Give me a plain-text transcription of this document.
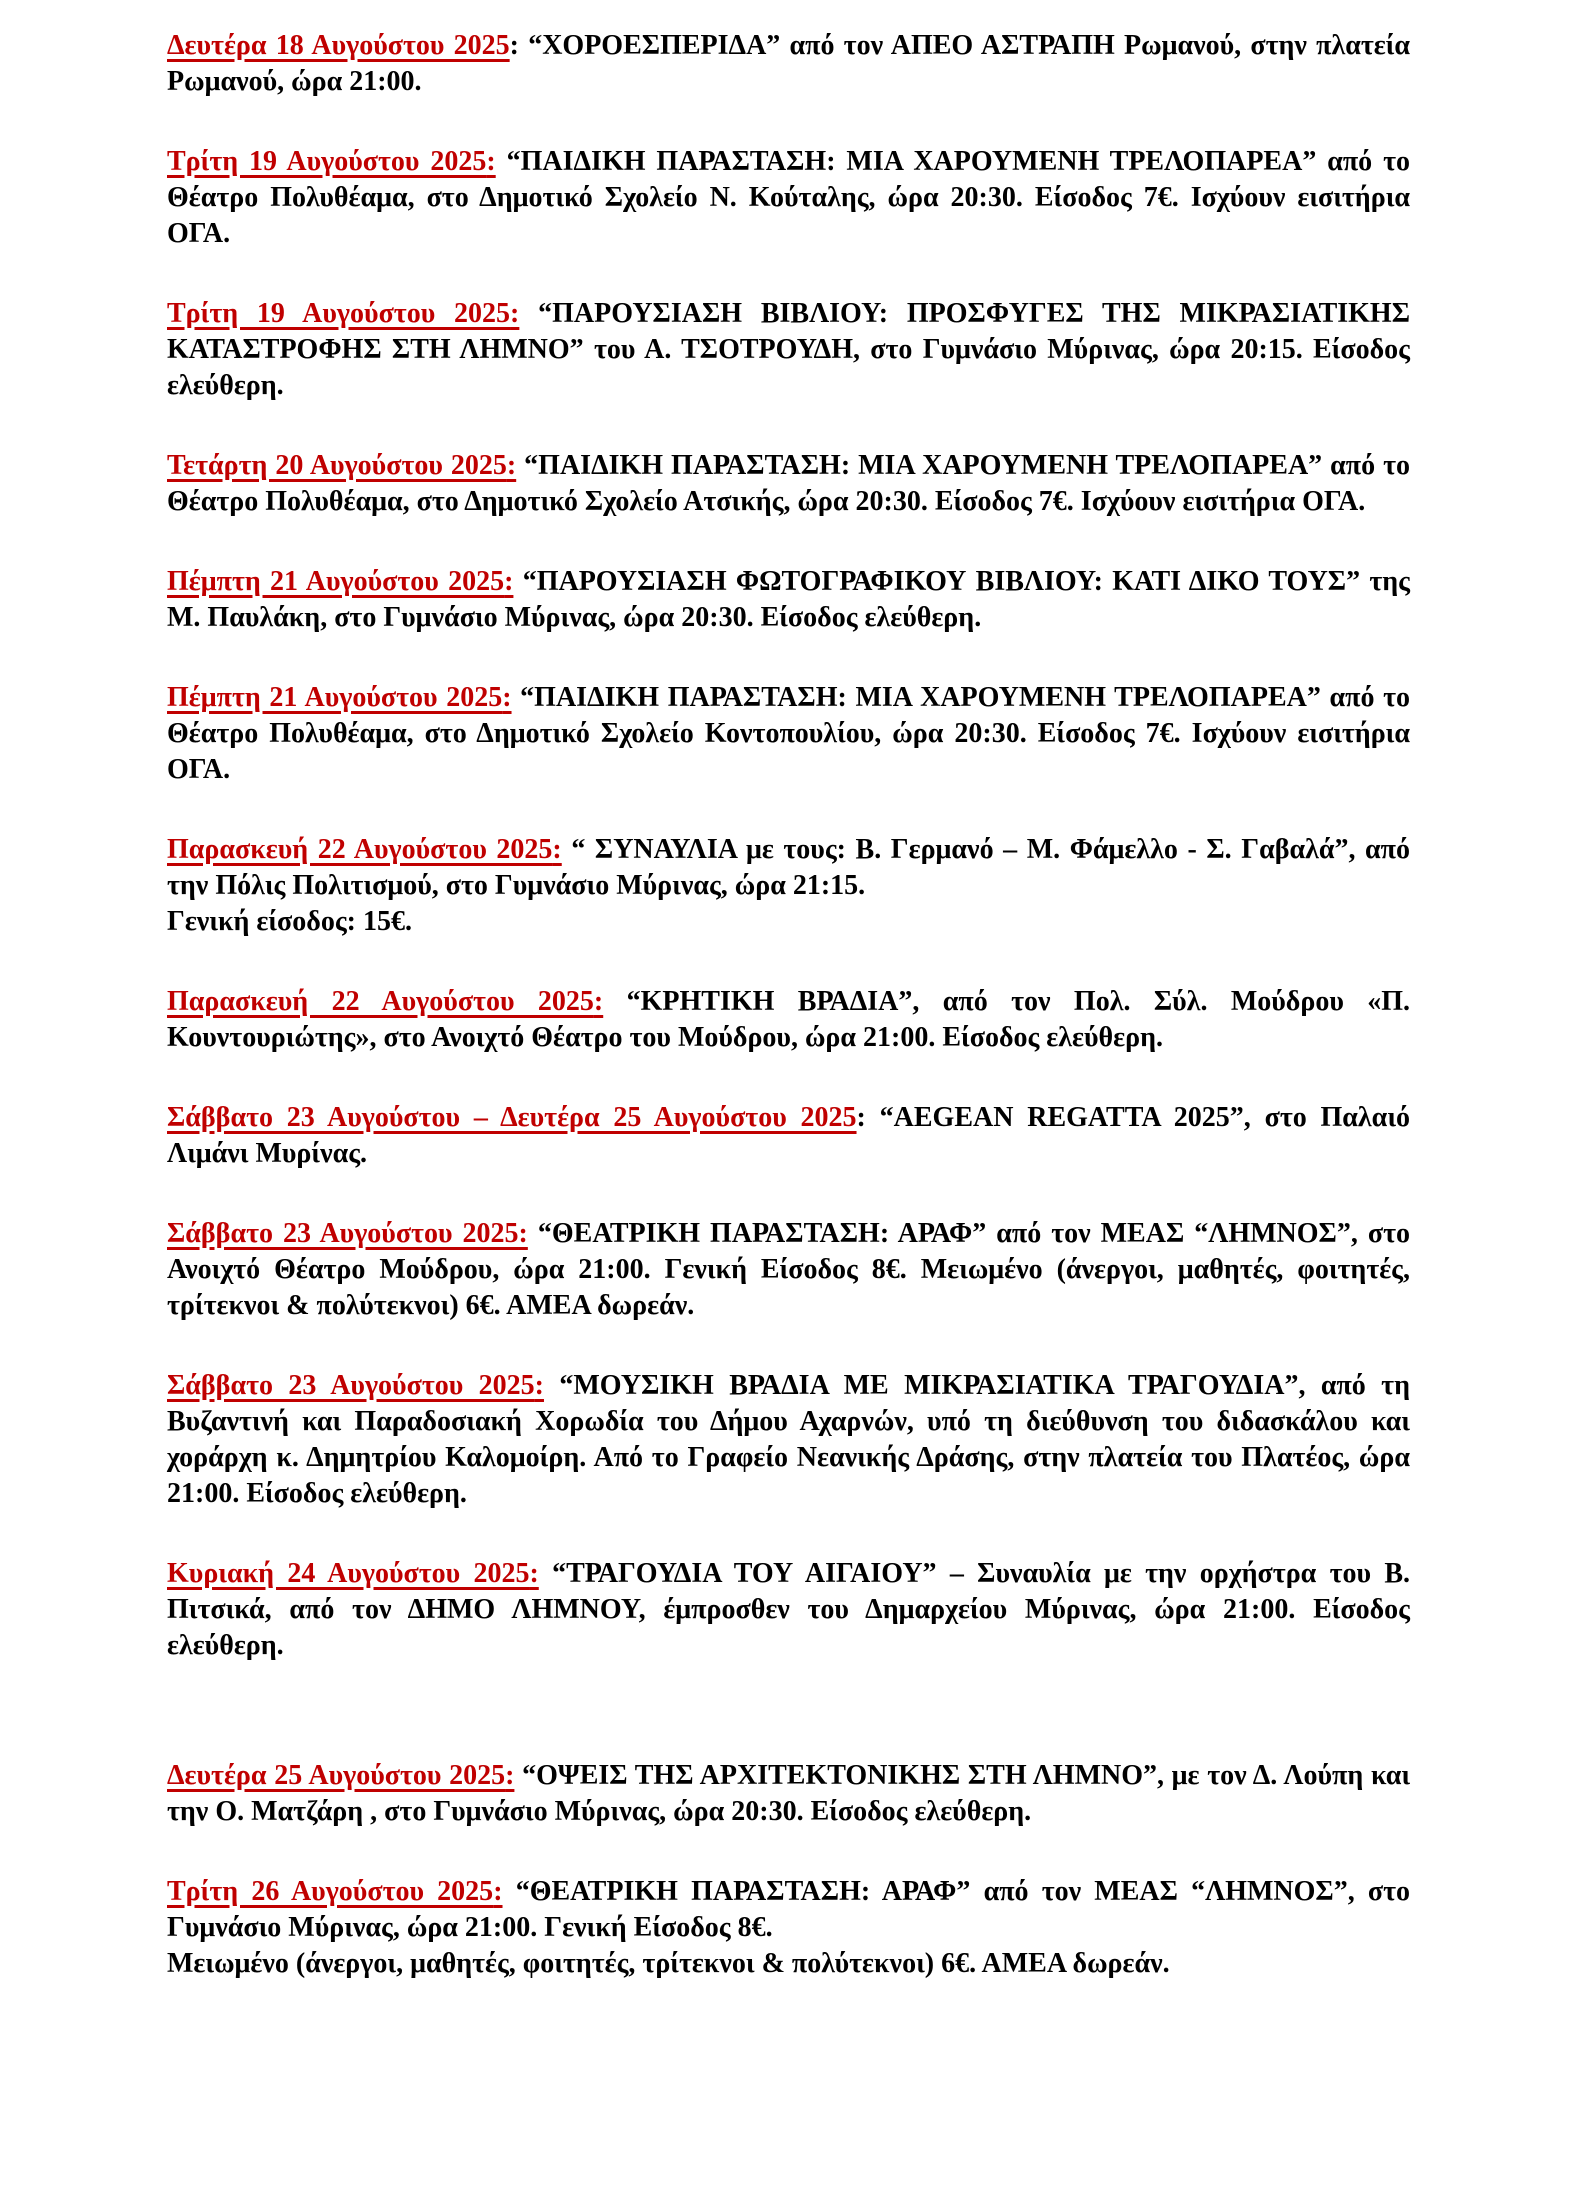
Δευτέρα 18 Αυγούστου 2025: “ΧΟΡΟΕΣΠΕΡΙΔΑ” από τον ΑΠΕΟ ΑΣΤΡΑΠΗ Ρωμανού, στην πλατεία Ρωμανού, ώρα 21:00.

Τρίτη 19 Αυγούστου 2025: “ΠΑΙΔΙΚΗ ΠΑΡΑΣΤΑΣΗ: ΜΙΑ ΧΑΡΟΥΜΕΝΗ ΤΡΕΛΟΠΑΡΕΑ” από το Θέατρο Πολυθέαμα, στο Δημοτικό Σχολείο Ν. Κούταλης, ώρα 20:30. Είσοδος 7€. Ισχύουν εισιτήρια ΟΓΑ.

Τρίτη 19 Αυγούστου 2025: “ΠΑΡΟΥΣΙΑΣΗ ΒΙΒΛΙΟΥ: ΠΡΟΣΦΥΓΕΣ ΤΗΣ ΜΙΚΡΑΣΙΑΤΙΚΗΣ ΚΑΤΑΣΤΡΟΦΗΣ ΣΤΗ ΛΗΜΝΟ” του Α. ΤΣΟΤΡΟΥΔΗ, στο Γυμνάσιο Μύρινας, ώρα 20:15. Είσοδος ελεύθερη.

Τετάρτη 20 Αυγούστου 2025: “ΠΑΙΔΙΚΗ ΠΑΡΑΣΤΑΣΗ: ΜΙΑ ΧΑΡΟΥΜΕΝΗ ΤΡΕΛΟΠΑΡΕΑ” από το Θέατρο Πολυθέαμα, στο Δημοτικό Σχολείο Ατσικής, ώρα 20:30. Είσοδος 7€. Ισχύουν εισιτήρια ΟΓΑ.

Πέμπτη 21 Αυγούστου 2025: “ΠΑΡΟΥΣΙΑΣΗ ΦΩΤΟΓΡΑΦΙΚΟΥ ΒΙΒΛΙΟΥ: ΚΑΤΙ ΔΙΚΟ ΤΟΥΣ” της Μ. Παυλάκη, στο Γυμνάσιο Μύρινας, ώρα 20:30. Είσοδος ελεύθερη.

Πέμπτη 21 Αυγούστου 2025: “ΠΑΙΔΙΚΗ ΠΑΡΑΣΤΑΣΗ: ΜΙΑ ΧΑΡΟΥΜΕΝΗ ΤΡΕΛΟΠΑΡΕΑ” από το Θέατρο Πολυθέαμα, στο Δημοτικό Σχολείο Κοντοπουλίου, ώρα 20:30. Είσοδος 7€. Ισχύουν εισιτήρια ΟΓΑ.

Παρασκευή 22 Αυγούστου 2025: “ ΣΥΝΑΥΛΙΑ με τους: Β. Γερμανό – Μ. Φάμελλο - Σ. Γαβαλά”, από την Πόλις Πολιτισμού, στο Γυμνάσιο Μύρινας, ώρα 21:15.
Γενική είσοδος: 15€.

Παρασκευή 22 Αυγούστου 2025: “ΚΡΗΤΙΚΗ ΒΡΑΔΙΑ”, από τον Πολ. Σύλ. Μούδρου «Π. Κουντουριώτης», στο Ανοιχτό Θέατρο του Μούδρου, ώρα 21:00. Είσοδος ελεύθερη.

Σάββατο 23 Αυγούστου – Δευτέρα 25 Αυγούστου 2025: “AEGEAN REGATTA 2025”, στο Παλαιό Λιμάνι Μυρίνας.

Σάββατο 23 Αυγούστου 2025: “ΘΕΑΤΡΙΚΗ ΠΑΡΑΣΤΑΣΗ: ΑΡΑΦ” από τον ΜΕΑΣ “ΛΗΜΝΟΣ”, στο Ανοιχτό Θέατρο Μούδρου, ώρα 21:00. Γενική Είσοδος 8€. Μειωμένο (άνεργοι, μαθητές, φοιτητές, τρίτεκνοι & πολύτεκνοι) 6€. ΑΜΕΑ δωρεάν.

Σάββατο 23 Αυγούστου 2025: “ΜΟΥΣΙΚΗ ΒΡΑΔΙΑ ΜΕ ΜΙΚΡΑΣΙΑΤΙΚΑ ΤΡΑΓΟΥΔΙΑ”, από τη Βυζαντινή και Παραδοσιακή Χορωδία του Δήμου Αχαρνών, υπό τη διεύθυνση του διδασκάλου και χοράρχη κ. Δημητρίου Καλομοίρη. Από το Γραφείο Νεανικής Δράσης, στην πλατεία του Πλατέος, ώρα 21:00. Είσοδος ελεύθερη.

Κυριακή 24 Αυγούστου 2025: “ΤΡΑΓΟΥΔΙΑ ΤΟΥ ΑΙΓΑΙΟΥ” – Συναυλία με την ορχήστρα του Β. Πιτσικά, από τον ΔΗΜΟ ΛΗΜΝΟΥ, έμπροσθεν του Δημαρχείου Μύρινας, ώρα 21:00. Είσοδος ελεύθερη.

Δευτέρα 25 Αυγούστου 2025: “ΟΨΕΙΣ ΤΗΣ ΑΡΧΙΤΕΚΤΟΝΙΚΗΣ ΣΤΗ ΛΗΜΝΟ”, με τον Δ. Λούπη και την Ο. Ματζάρη , στο Γυμνάσιο Μύρινας, ώρα 20:30. Είσοδος ελεύθερη.

Τρίτη 26 Αυγούστου 2025: “ΘΕΑΤΡΙΚΗ ΠΑΡΑΣΤΑΣΗ: ΑΡΑΦ” από τον ΜΕΑΣ “ΛΗΜΝΟΣ”, στο Γυμνάσιο Μύρινας, ώρα 21:00. Γενική Είσοδος 8€.
Μειωμένο (άνεργοι, μαθητές, φοιτητές, τρίτεκνοι & πολύτεκνοι) 6€. ΑΜΕΑ δωρεάν.
